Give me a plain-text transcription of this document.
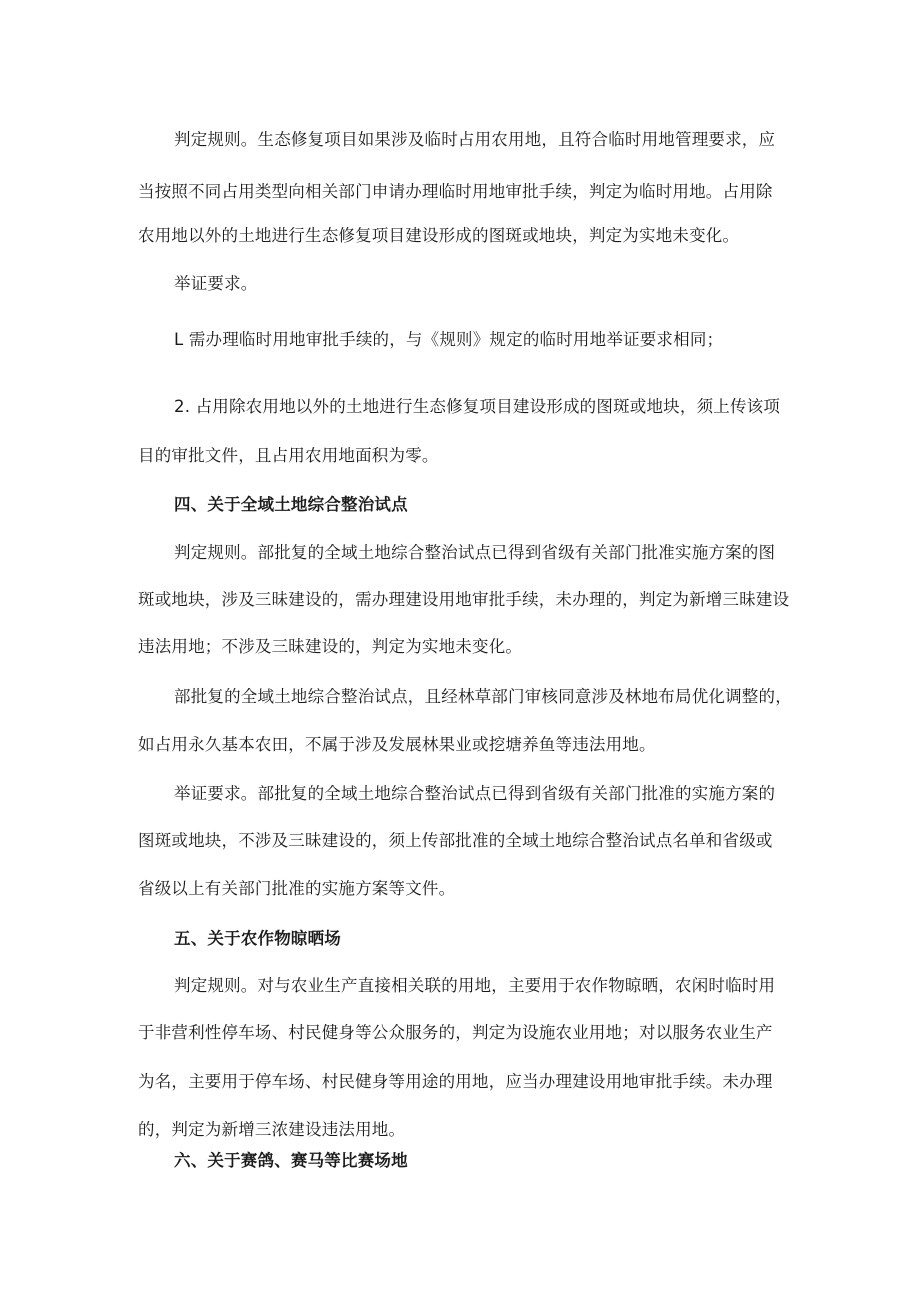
判定规则。生态修复项目如果涉及临时占用农用地，且符合临时用地管理要求，应
当按照不同占用类型向相关部门申请办理临时用地审批手续，判定为临时用地。占用除
农用地以外的土地进行生态修复项目建设形成的图斑或地块，判定为实地未变化。
举证要求。
L 需办理临时用地审批手续的，与《规则》规定的临时用地举证要求相同；
2. 占用除农用地以外的土地进行生态修复项目建设形成的图斑或地块，须上传该项
目的审批文件，且占用农用地面积为零。
四、关于全域土地综合整治试点
判定规则。部批复的全域土地综合整治试点已得到省级有关部门批准实施方案的图
斑或地块，涉及三昧建设的，需办理建设用地审批手续，未办理的，判定为新增三昧建设
违法用地；不涉及三昧建设的，判定为实地未变化。
部批复的全域土地综合整治试点，且经林草部门审核同意涉及林地布局优化调整的，
如占用永久基本农田，不属于涉及发展林果业或挖塘养鱼等违法用地。
举证要求。部批复的全域土地综合整治试点已得到省级有关部门批准的实施方案的
图斑或地块，不涉及三昧建设的，须上传部批准的全域土地综合整治试点名单和省级或
省级以上有关部门批准的实施方案等文件。
五、关于农作物晾晒场
判定规则。对与农业生产直接相关联的用地，主要用于农作物晾晒，农闲时临时用
于非营利性停车场、村民健身等公众服务的，判定为设施农业用地；对以服务农业生产
为名，主要用于停车场、村民健身等用途的用地，应当办理建设用地审批手续。未办理
的，判定为新增三浓建设违法用地。
六、关于赛鸽、赛马等比赛场地
